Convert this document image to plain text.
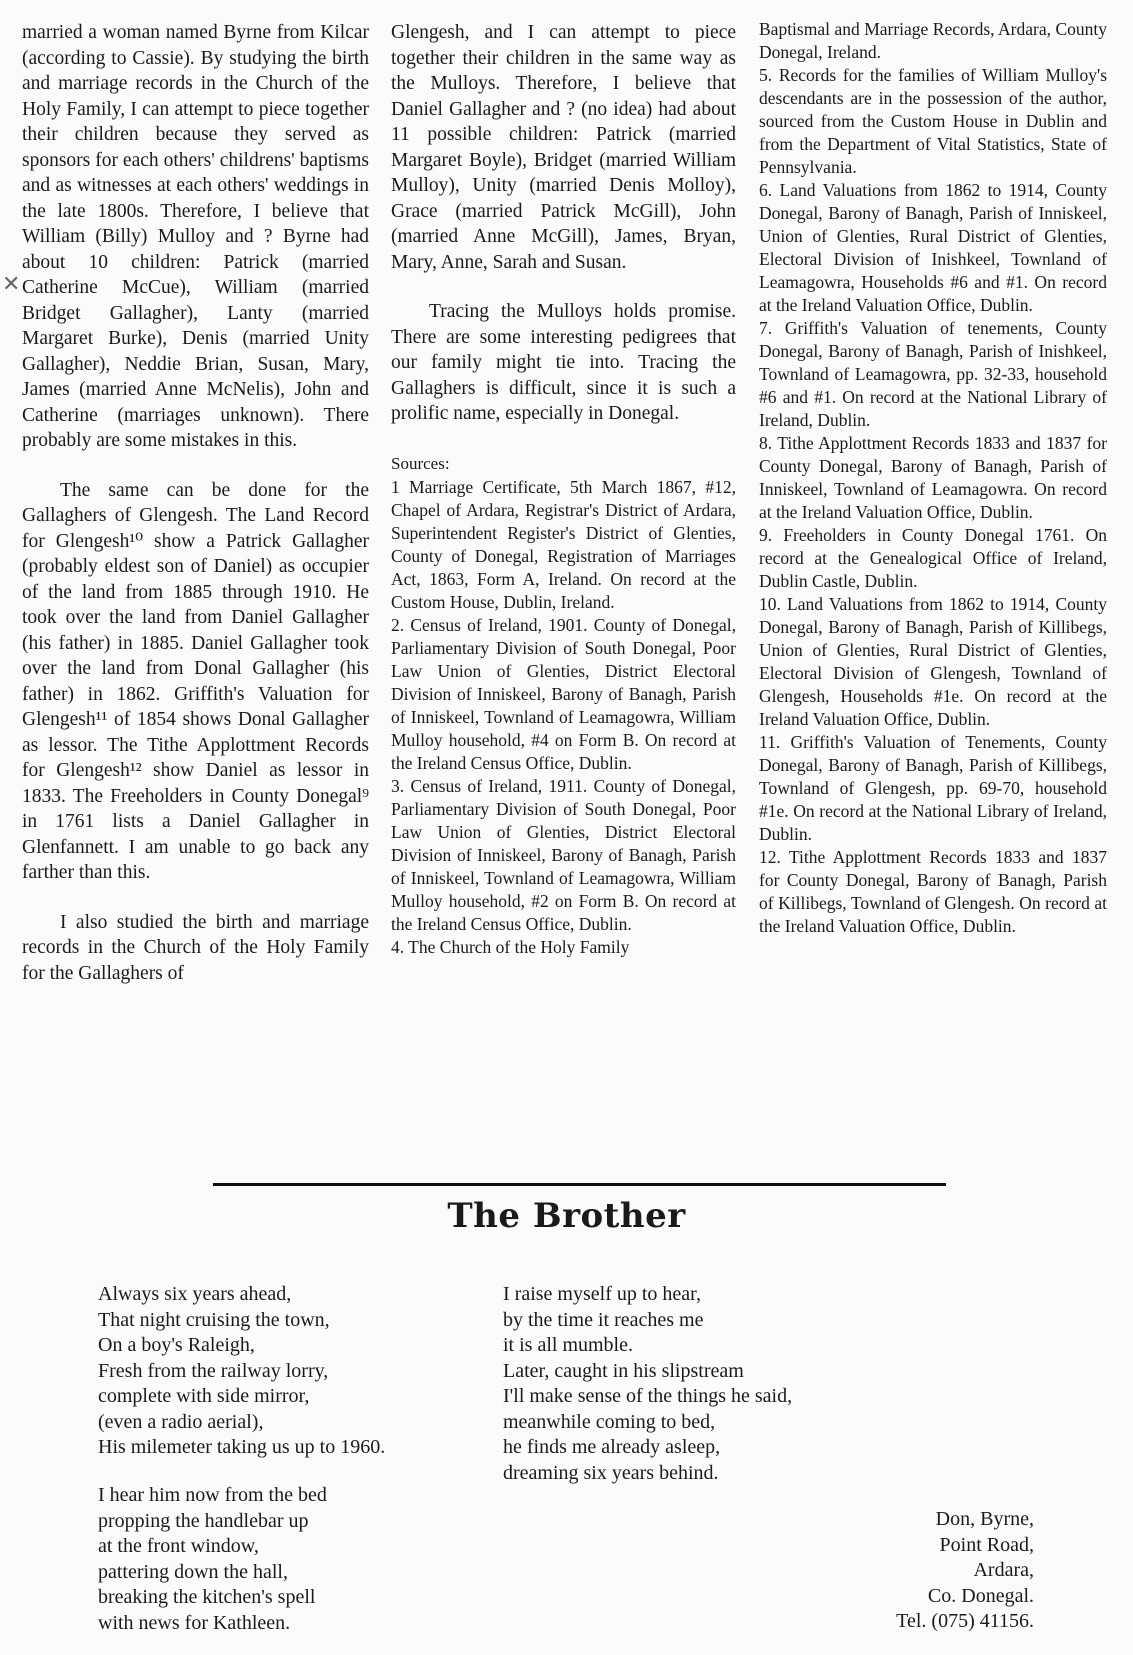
married a woman named Byrne from Kilcar (according to Cassie). By studying the birth and marriage records in the Church of the Holy Family, I can attempt to piece together their children because they served as sponsors for each others' childrens' baptisms and as witnesses at each others' weddings in the late 1800s. Therefore, I believe that William (Billy) Mulloy and ? Byrne had about 10 children: Patrick (married Catherine McCue), William (married Bridget Gallagher), Lanty (married Margaret Burke), Denis (married Unity Gallagher), Neddie Brian, Susan, Mary, James (married Anne McNelis), John and Catherine (marriages unknown). There probably are some mistakes in this.

The same can be done for the Gallaghers of Glengesh. The Land Record for Glengesh¹⁰ show a Patrick Gallagher (probably eldest son of Daniel) as occupier of the land from 1885 through 1910. He took over the land from Daniel Gallagher (his father) in 1885. Daniel Gallagher took over the land from Donal Gallagher (his father) in 1862. Griffith's Valuation for Glengesh¹¹ of 1854 shows Donal Gallagher as lessor. The Tithe Applottment Records for Glengesh¹² show Daniel as lessor in 1833. The Freeholders in County Donegal⁹ in 1761 lists a Daniel Gallagher in Glenfannett. I am unable to go back any farther than this.

I also studied the birth and marriage records in the Church of the Holy Family for the Gallaghers of

✕

Glengesh, and I can attempt to piece together their children in the same way as the Mulloys. Therefore, I believe that Daniel Gallagher and ? (no idea) had about 11 possible children: Patrick (married Margaret Boyle), Bridget (married William Mulloy), Unity (married Denis Molloy), Grace (married Patrick McGill), John (married Anne McGill), James, Bryan, Mary, Anne, Sarah and Susan.

Tracing the Mulloys holds promise. There are some interesting pedigrees that our family might tie into. Tracing the Gallaghers is difficult, since it is such a prolific name, especially in Donegal.

Sources:

1 Marriage Certificate, 5th March 1867, #12, Chapel of Ardara, Registrar's District of Ardara, Superintendent Register's District of Glenties, County of Donegal, Registration of Marriages Act, 1863, Form A, Ireland. On record at the Custom House, Dublin, Ireland.
2. Census of Ireland, 1901. County of Donegal, Parliamentary Division of South Donegal, Poor Law Union of Glenties, District Electoral Division of Inniskeel, Barony of Banagh, Parish of Inniskeel, Townland of Leamagowra, William Mulloy household, #4 on Form B. On record at the Ireland Census Office, Dublin.
3. Census of Ireland, 1911. County of Donegal, Parliamentary Division of South Donegal, Poor Law Union of Glenties, District Electoral Division of Inniskeel, Barony of Banagh, Parish of Inniskeel, Townland of Leamagowra, William Mulloy household, #2 on Form B. On record at the Ireland Census Office, Dublin.
4. The Church of the Holy Family
Baptismal and Marriage Records, Ardara, County Donegal, Ireland.
5. Records for the families of William Mulloy's descendants are in the possession of the author, sourced from the Custom House in Dublin and from the Department of Vital Statistics, State of Pennsylvania.
6. Land Valuations from 1862 to 1914, County Donegal, Barony of Banagh, Parish of Inniskeel, Union of Glenties, Rural District of Glenties, Electoral Division of Inishkeel, Townland of Leamagowra, Households #6 and #1. On record at the Ireland Valuation Office, Dublin.
7. Griffith's Valuation of tenements, County Donegal, Barony of Banagh, Parish of Inishkeel, Townland of Leamagowra, pp. 32-33, household #6 and #1. On record at the National Library of Ireland, Dublin.
8. Tithe Applottment Records 1833 and 1837 for County Donegal, Barony of Banagh, Parish of Inniskeel, Townland of Leamagowra. On record at the Ireland Valuation Office, Dublin.
9. Freeholders in County Donegal 1761. On record at the Genealogical Office of Ireland, Dublin Castle, Dublin.
10. Land Valuations from 1862 to 1914, County Donegal, Barony of Banagh, Parish of Killibegs, Union of Glenties, Rural District of Glenties, Electoral Division of Glengesh, Townland of Glengesh, Households #1e. On record at the Ireland Valuation Office, Dublin.
11. Griffith's Valuation of Tenements, County Donegal, Barony of Banagh, Parish of Killibegs, Townland of Glengesh, pp. 69-70, household #1e. On record at the National Library of Ireland, Dublin.
12. Tithe Applottment Records 1833 and 1837 for County Donegal, Barony of Banagh, Parish of Killibegs, Townland of Glengesh. On record at the Ireland Valuation Office, Dublin.
The Brother
Always six years ahead,
That night cruising the town,
On a boy's Raleigh,
Fresh from the railway lorry,
complete with side mirror,
(even a radio aerial),
His milemeter taking us up to 1960.
I hear him now from the bed
propping the handlebar up
at the front window,
pattering down the hall,
breaking the kitchen's spell
with news for Kathleen.
I raise myself up to hear,
by the time it reaches me
it is all mumble.
Later, caught in his slipstream
I'll make sense of the things he said,
meanwhile coming to bed,
he finds me already asleep,
dreaming six years behind.
Don, Byrne,
Point Road,
Ardara,
Co. Donegal.
Tel. (075) 41156.
